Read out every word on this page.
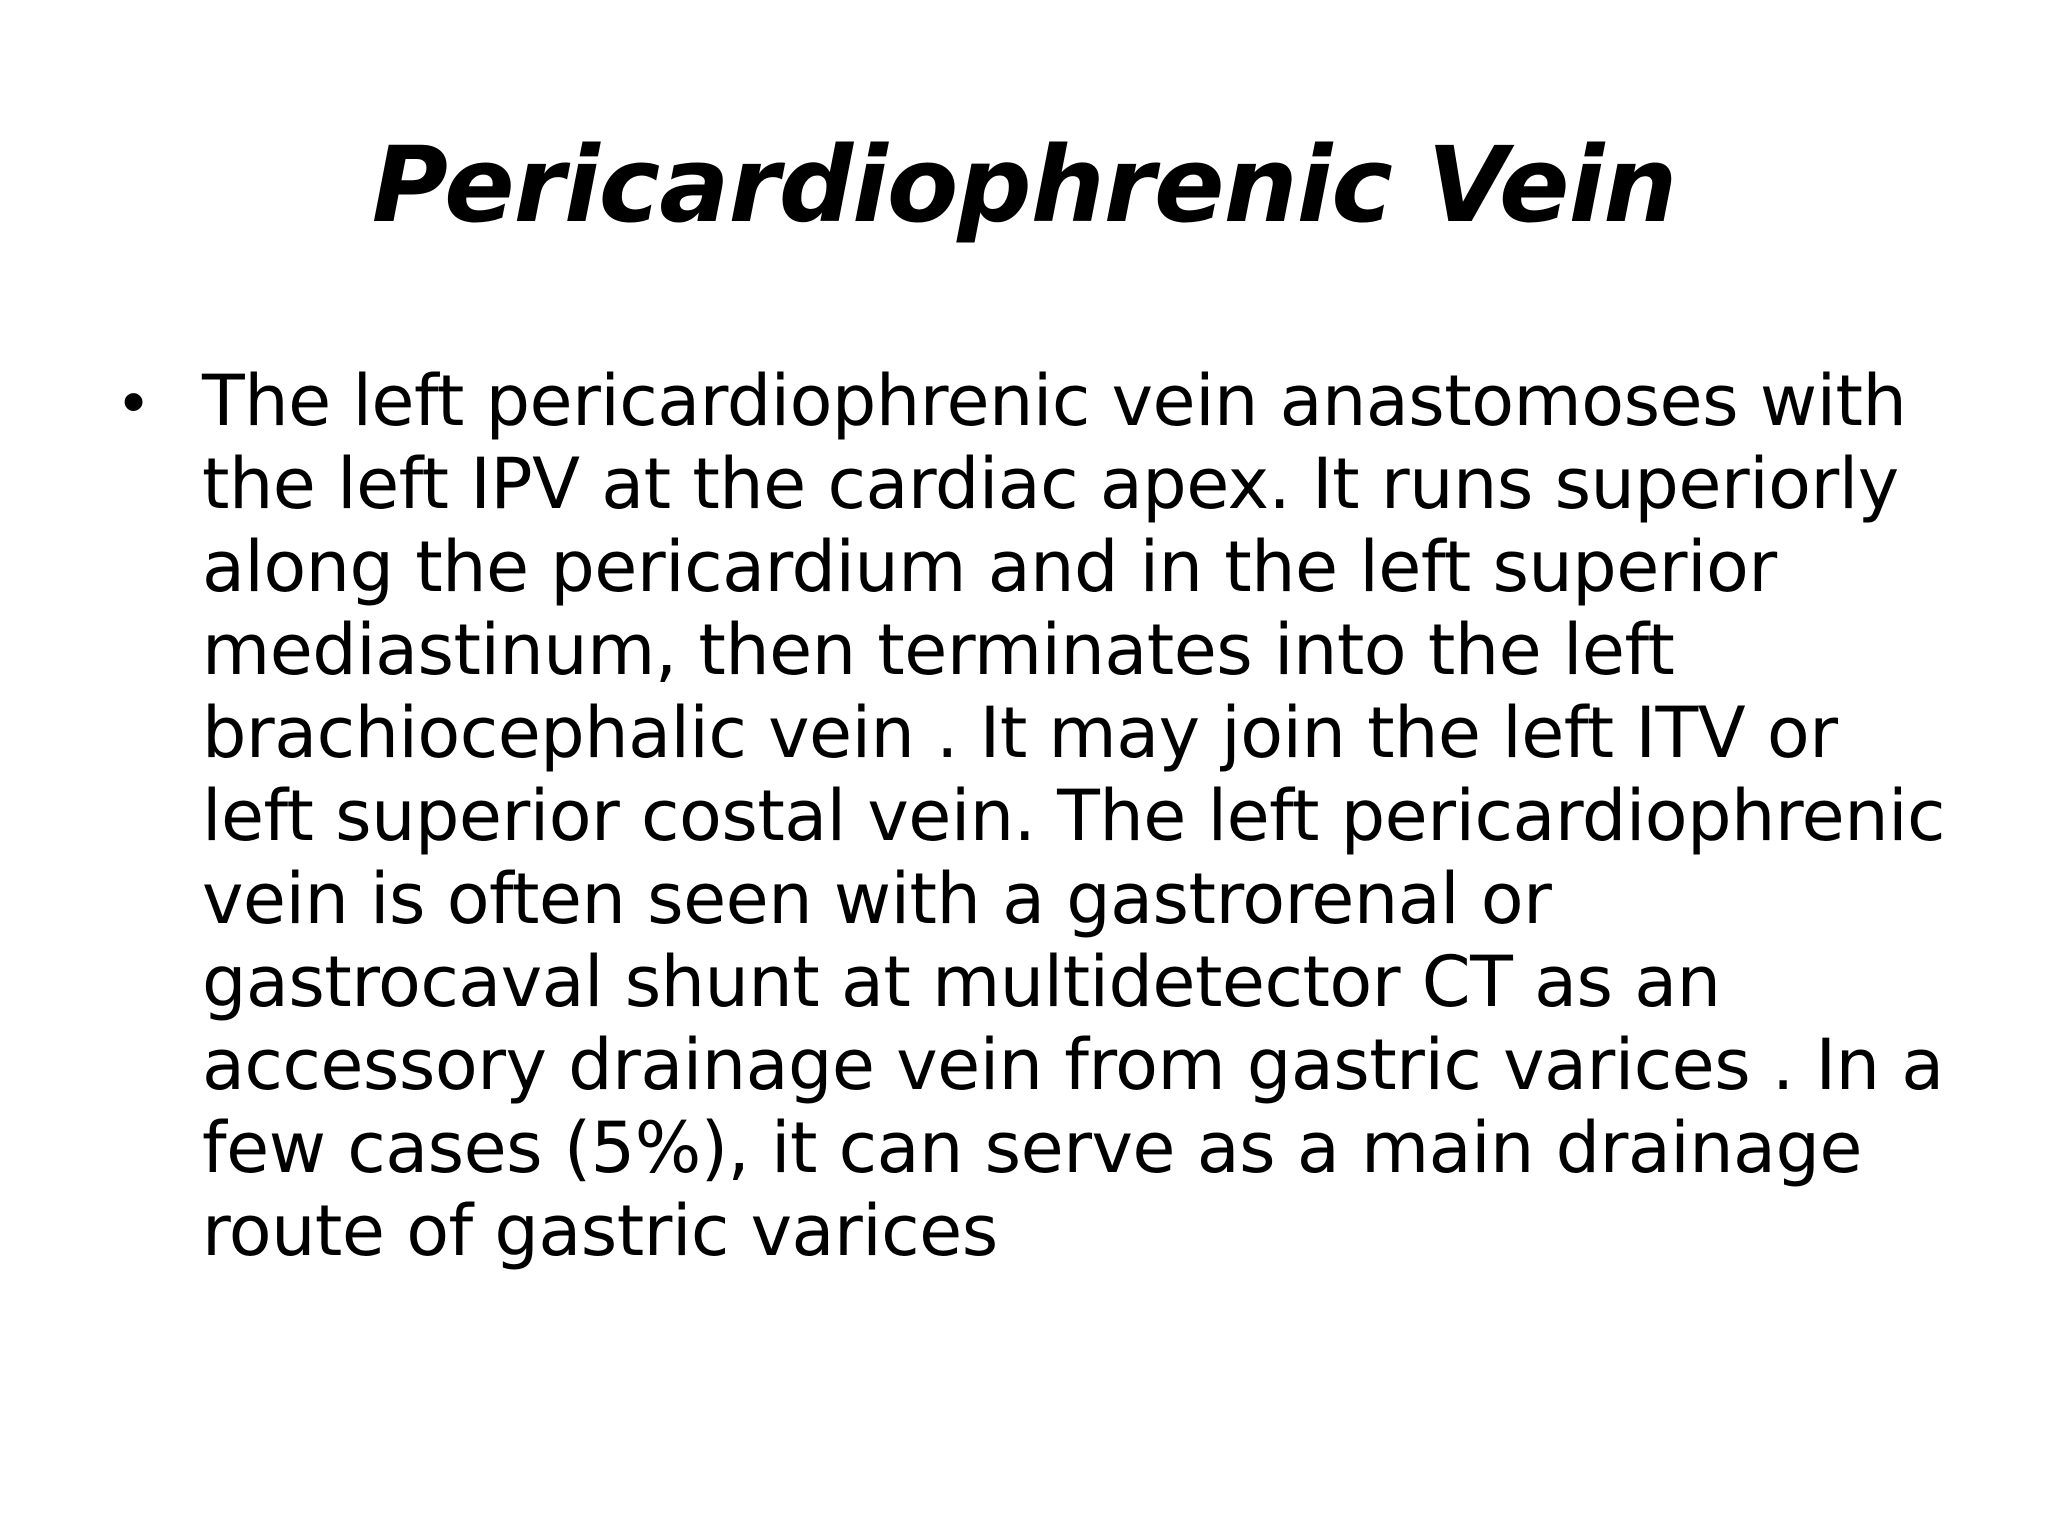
Pericardiophrenic Vein
• The left pericardiophrenic vein anastomoses with the left IPV at the cardiac apex. It runs superiorly along the pericardium and in the left superior mediastinum, then terminates into the left brachiocephalic vein . It may join the left ITV or left superior costal vein. The left pericardiophrenic vein is often seen with a gastrorenal or gastrocaval shunt at multidetector CT as an accessory drainage vein from gastric varices . In a few cases (5%), it can serve as a main drainage route of gastric varices
